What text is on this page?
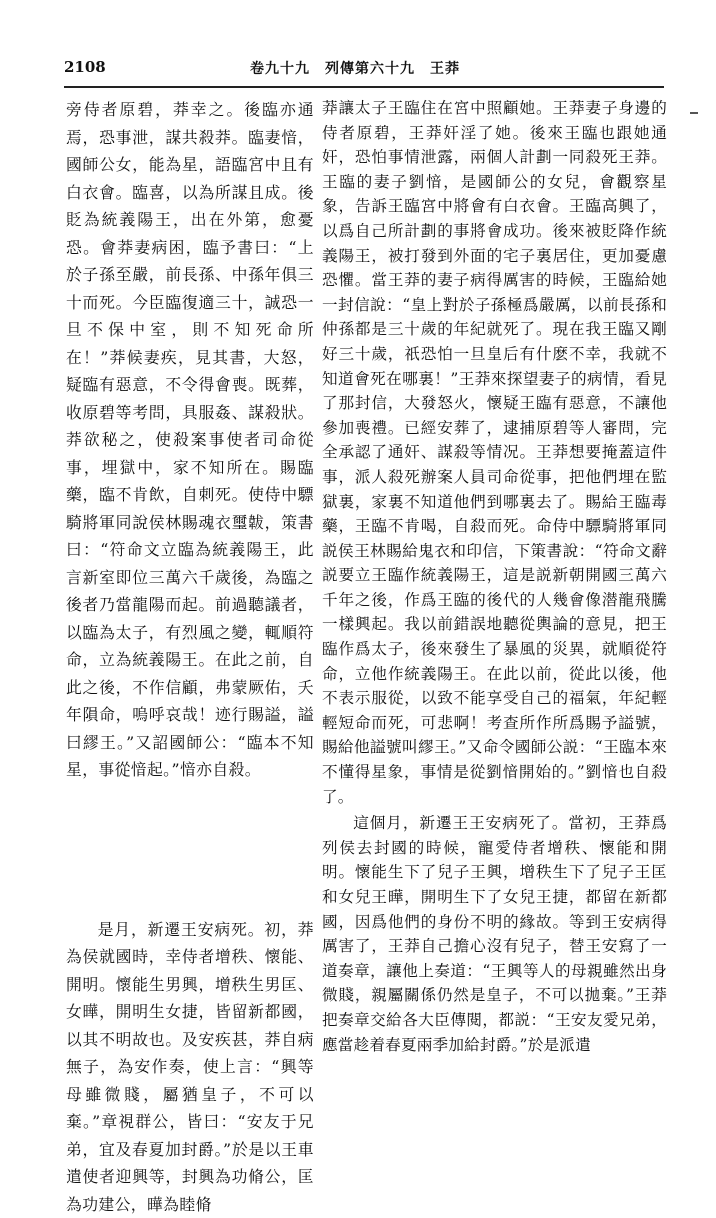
2108	卷九十九　列傳第六十九　王莽

旁侍者原碧，莽幸之。後臨亦通焉，恐事泄，謀共殺莽。臨妻愔，國師公女，能為星，語臨宮中且有白衣會。臨喜，以為所謀且成。後貶為統義陽王，出在外第，愈憂恐。會莽妻病困，臨予書曰：“上於子孫至嚴，前長孫、中孫年俱三十而死。今臣臨復適三十，誠恐一旦不保中室，則不知死命所在！”莽候妻疾，見其書，大怒，疑臨有惡意，不令得會喪。既葬，收原碧等考問，具服姦、謀殺狀。莽欲秘之，使殺案事使者司命從事，埋獄中，家不知所在。賜臨藥，臨不肯飲，自刺死。使侍中驃騎將軍同說侯林賜魂衣璽韍，策書曰：“符命文立臨為統義陽王，此言新室即位三萬六千歲後，為臨之後者乃當龍陽而起。前過聽議者，以臨為太子，有烈風之變，輒順符命，立為統義陽王。在此之前，自此之後，不作信顧，弗蒙厥佑，夭年隕命，嗚呼哀哉！迹行賜謚，謚曰繆王。”又詔國師公：“臨本不知星，事從愔起。”愔亦自殺。

是月，新遷王安病死。初，莽為侯就國時，幸侍者增秩、懷能、開明。懷能生男興，增秩生男匡、女曄，開明生女捷，皆留新都國，以其不明故也。及安疾甚，莽自病無子，為安作奏，使上言：“興等母雖微賤，屬猶皇子，不可以棄。”章視群公，皆曰：“安友于兄弟，宜及春夏加封爵。”於是以王車遣使者迎興等，封興為功脩公，匡為功建公，曄為睦脩

莽讓太子王臨住在宮中照顧她。王莽妻子身邊的侍者原碧，王莽奸淫了她。後來王臨也跟她通奸，恐怕事情泄露，兩個人計劃一同殺死王莽。王臨的妻子劉愔，是國師公的女兒，會觀察星象，告訴王臨宮中將會有白衣會。王臨高興了，以爲自己所計劃的事將會成功。後來被貶降作統義陽王，被打發到外面的宅子裏居住，更加憂慮恐懼。當王莽的妻子病得厲害的時候，王臨給她一封信說：“皇上對於子孫極爲嚴厲，以前長孫和仲孫都是三十歲的年紀就死了。現在我王臨又剛好三十歲，祇恐怕一旦皇后有什麽不幸，我就不知道會死在哪裏！”王莽來探望妻子的病情，看見了那封信，大發怒火，懷疑王臨有惡意，不讓他參加喪禮。已經安葬了，逮捕原碧等人審問，完全承認了通奸、謀殺等情况。王莽想要掩蓋這件事，派人殺死辦案人員司命從事，把他們埋在監獄裏，家裏不知道他們到哪裏去了。賜給王臨毒藥，王臨不肯喝，自殺而死。命侍中驃騎將軍同説侯王林賜給鬼衣和印信，下策書說：“符命文辭説要立王臨作統義陽王，這是説新朝開國三萬六千年之後，作爲王臨的後代的人幾會像潜龍飛騰一樣興起。我以前錯誤地聽從輿論的意見，把王臨作爲太子，後來發生了暴風的災異，就順從符命，立他作統義陽王。在此以前，從此以後，他不表示服從，以致不能享受自己的福氣，年紀輕輕短命而死，可悲啊！考查所作所爲賜予謚號，賜給他謚號叫繆王。”又命令國師公説：“王臨本來不懂得星象，事情是從劉愔開始的。”劉愔也自殺了。

這個月，新遷王王安病死了。當初，王莽爲列侯去封國的時候，寵愛侍者增秩、懷能和開明。懷能生下了兒子王興，增秩生下了兒子王匡和女兒王曄，開明生下了女兒王捷，都留在新都國，因爲他們的身份不明的緣故。等到王安病得厲害了，王莽自己擔心沒有兒子，替王安寫了一道奏章，讓他上奏道：“王興等人的母親雖然出身微賤，親屬關係仍然是皇子，不可以拋棄。”王莽把奏章交給各大臣傳閱，都説：“王安友愛兄弟，應當趁着春夏兩季加給封爵。”於是派遣
